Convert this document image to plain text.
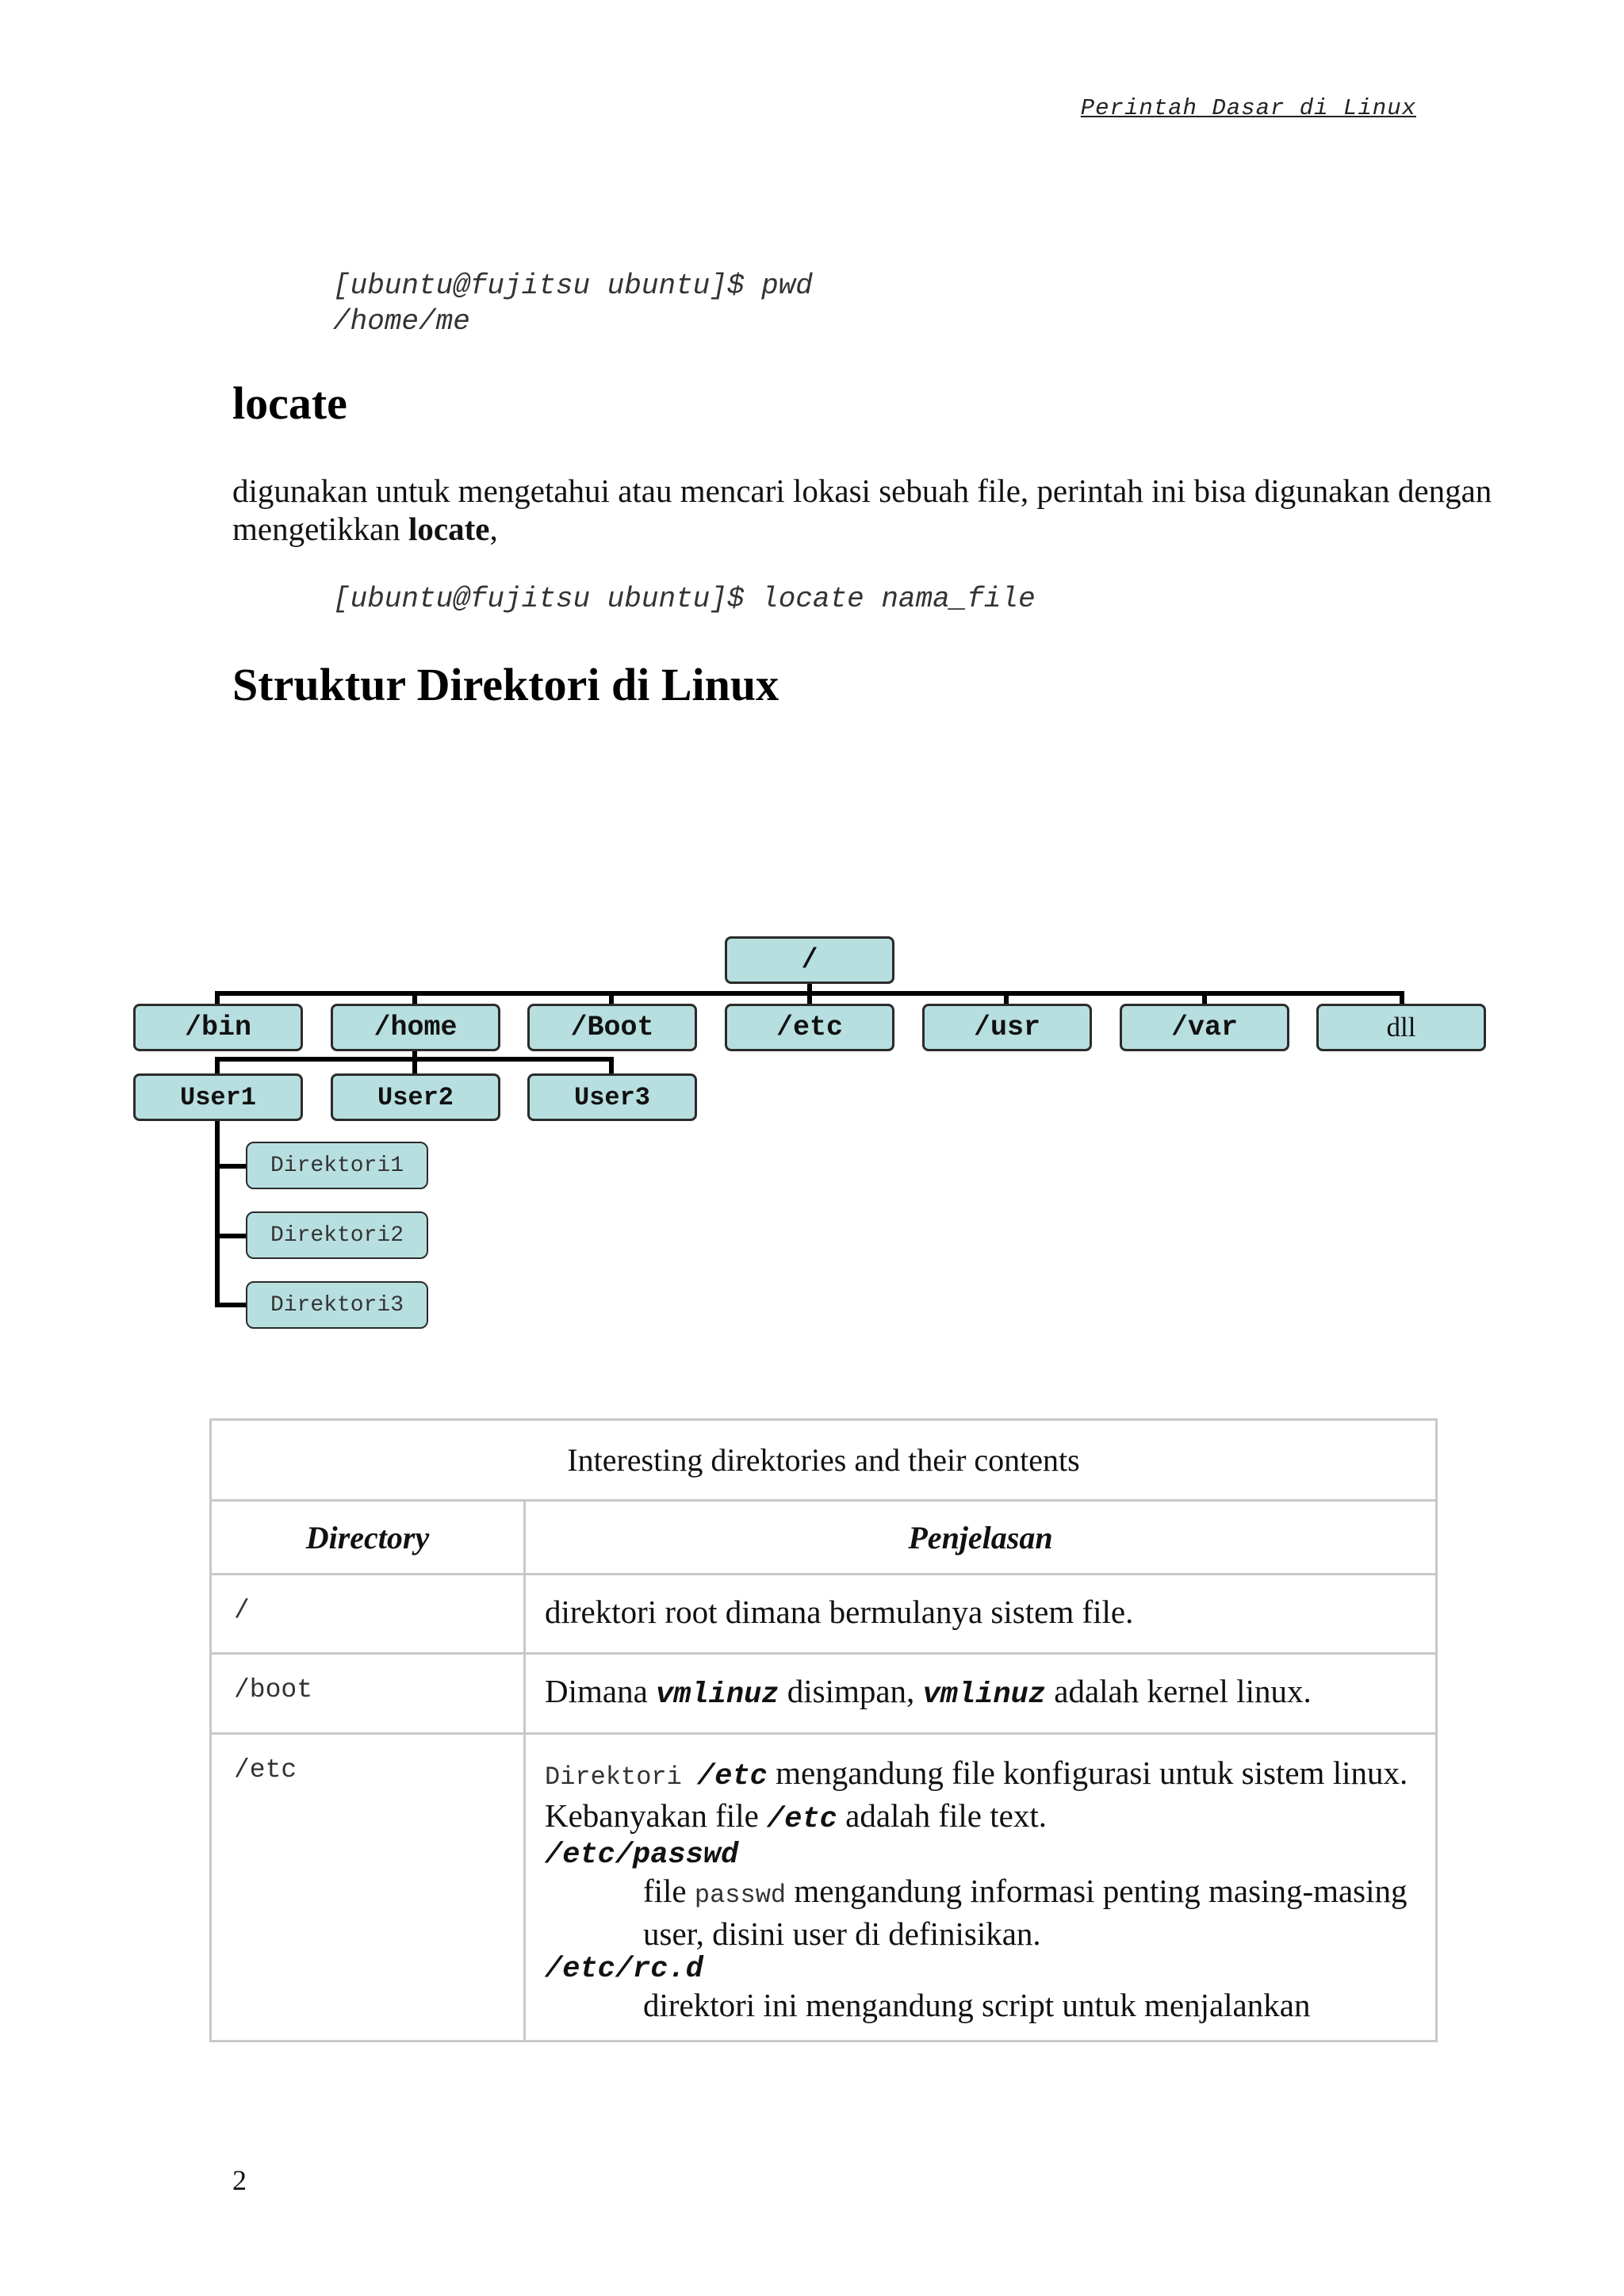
Perintah Dasar di Linux
[ubuntu@fujitsu ubuntu]$ pwd
/home/me
locate
digunakan untuk mengetahui atau mencari lokasi sebuah file, perintah ini bisa digunakan dengan mengetikkan locate,
[ubuntu@fujitsu ubuntu]$ locate nama_file
Struktur Direktori di Linux
/
/bin	/home	/Boot	/etc	/usr	/var	dll
User1	User2	User3
Direktori1
Direktori2
Direktori3
Interesting direktories and their contents	
Directory	Penjelasan
/	direktori root dimana bermulanya sistem file.
/boot	Dimana vmlinuz disimpan, vmlinuz adalah kernel linux.
/etc	Direktori /etc mengandung file konfigurasi untuk sistem linux. Kebanyakan file /etc adalah file text.
/etc/passwd
file passwd mengandung informasi penting masing-masing user, disini user di definisikan.
/etc/rc.d
direktori ini mengandung script untuk menjalankan
2
